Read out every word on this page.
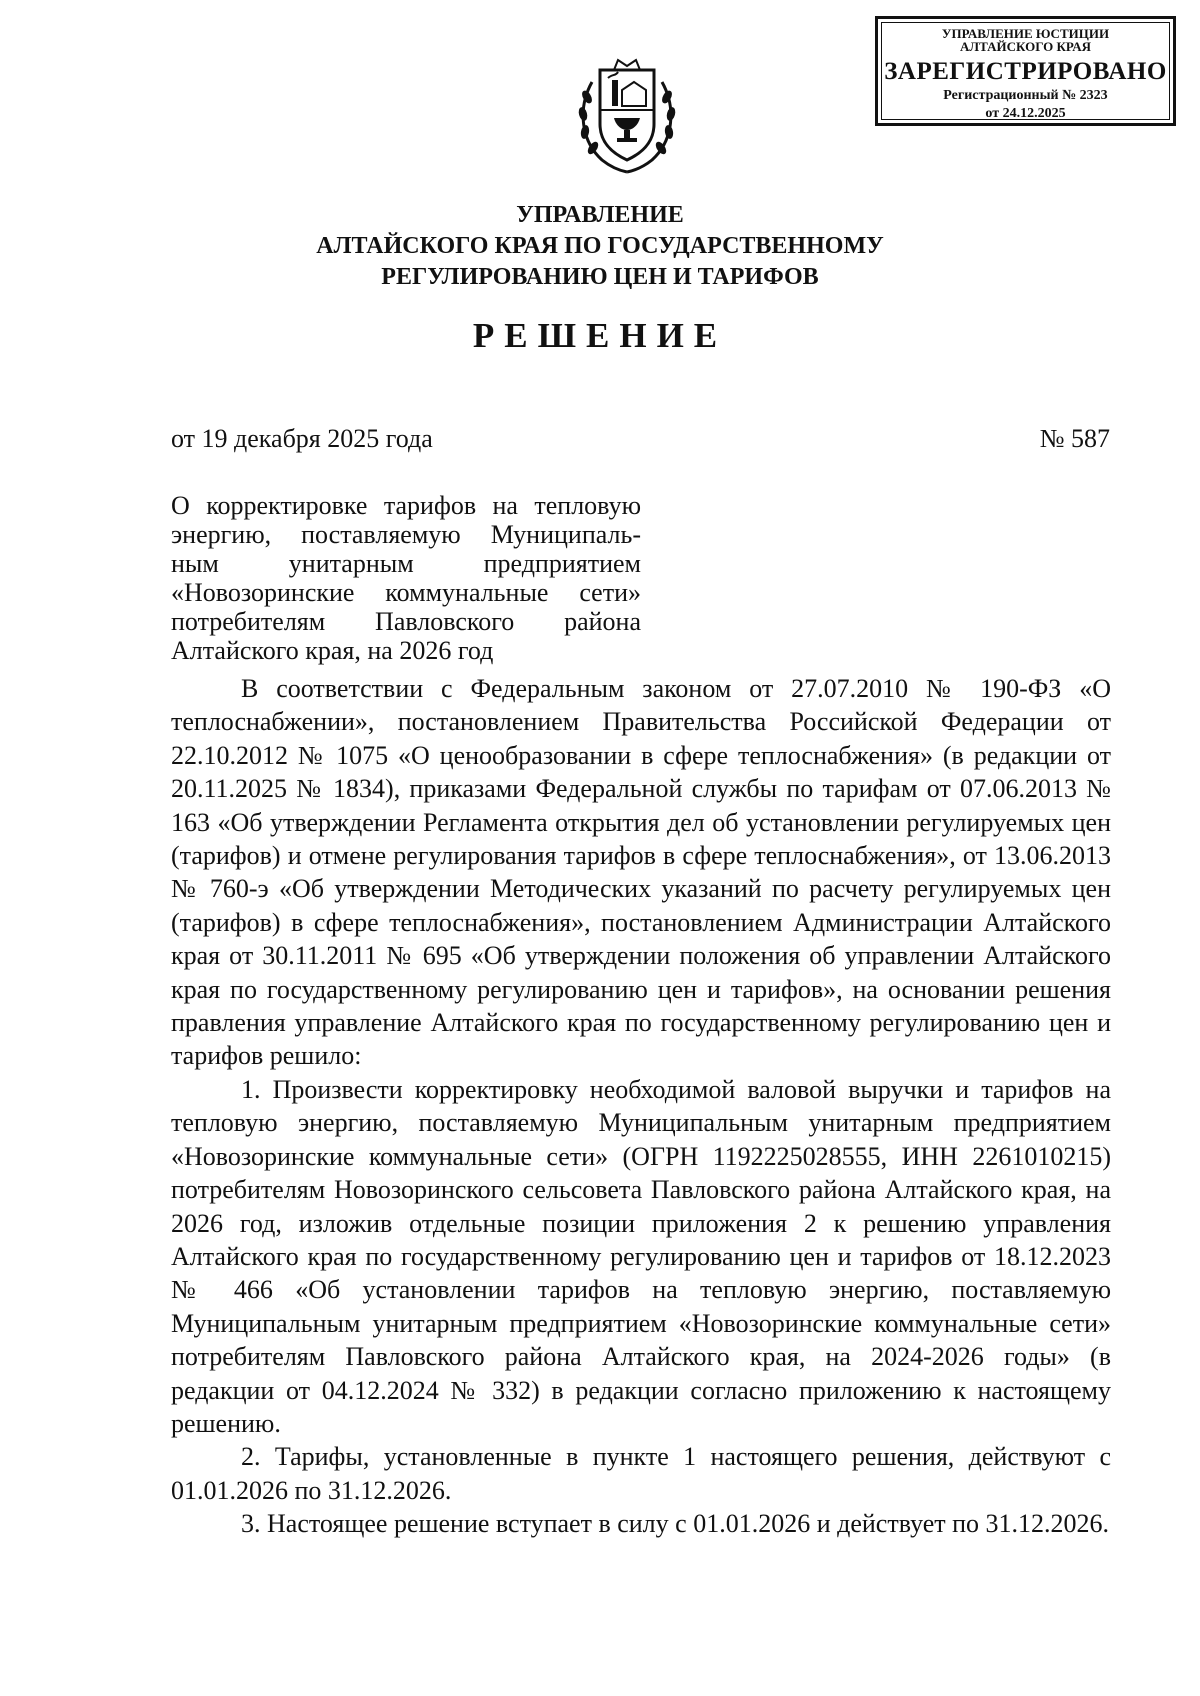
УПРАВЛЕНИЕ ЮСТИЦИИ
АЛТАЙСКОГО КРАЯ
ЗАРЕГИСТРИРОВАНО
Регистрационный № 2323
от 24.12.2025
УПРАВЛЕНИЕ
АЛТАЙСКОГО КРАЯ ПО ГОСУДАРСТВЕННОМУ
РЕГУЛИРОВАНИЮ ЦЕН И ТАРИФОВ
РЕШЕНИЕ
от 19 декабря 2025 года	№ 587
О корректировке тарифов на тепловую энергию, поставляемую Муниципаль- ным унитарным предприятием «Новозоринские коммунальные сети» потребителям Павловского района Алтайского края, на 2026 год

В соответствии с Федеральным законом от 27.07.2010 № 190-ФЗ «О теплоснабжении», постановлением Правительства Российской Федерации от 22.10.2012 № 1075 «О ценообразовании в сфере теплоснабжения» (в редакции от 20.11.2025 № 1834), приказами Федеральной службы по тарифам от 07.06.2013 № 163 «Об утверждении Регламента открытия дел об установлении регулируемых цен (тарифов) и отмене регулирования тарифов в сфере теплоснабжения», от 13.06.2013 № 760-э «Об утверждении Методических указаний по расчету регулируемых цен (тарифов) в сфере теплоснабжения», постановлением Администрации Алтайского края от 30.11.2011 № 695 «Об утверждении положения об управлении Алтайского края по государственному регулированию цен и тарифов», на основании решения правления управление Алтайского края по государственному регулированию цен и тарифов решило:

1. Произвести корректировку необходимой валовой выручки и тарифов на тепловую энергию, поставляемую Муниципальным унитарным предприятием «Новозоринские коммунальные сети» (ОГРН 1192225028555, ИНН 2261010215) потребителям Новозоринского сельсовета Павловского района Алтайского края, на 2026 год, изложив отдельные позиции приложения 2 к решению управления Алтайского края по государственному регулированию цен и тарифов от 18.12.2023 № 466 «Об установлении тарифов на тепловую энергию, поставляемую Муниципальным унитарным предприятием «Новозоринские коммунальные сети» потребителям Павловского района Алтайского края, на 2024-2026 годы» (в редакции от 04.12.2024 № 332) в редакции согласно приложению к настоящему решению.

2. Тарифы, установленные в пункте 1 настоящего решения, действуют с 01.01.2026 по 31.12.2026.

3. Настоящее решение вступает в силу с 01.01.2026 и действует по 31.12.2026.
